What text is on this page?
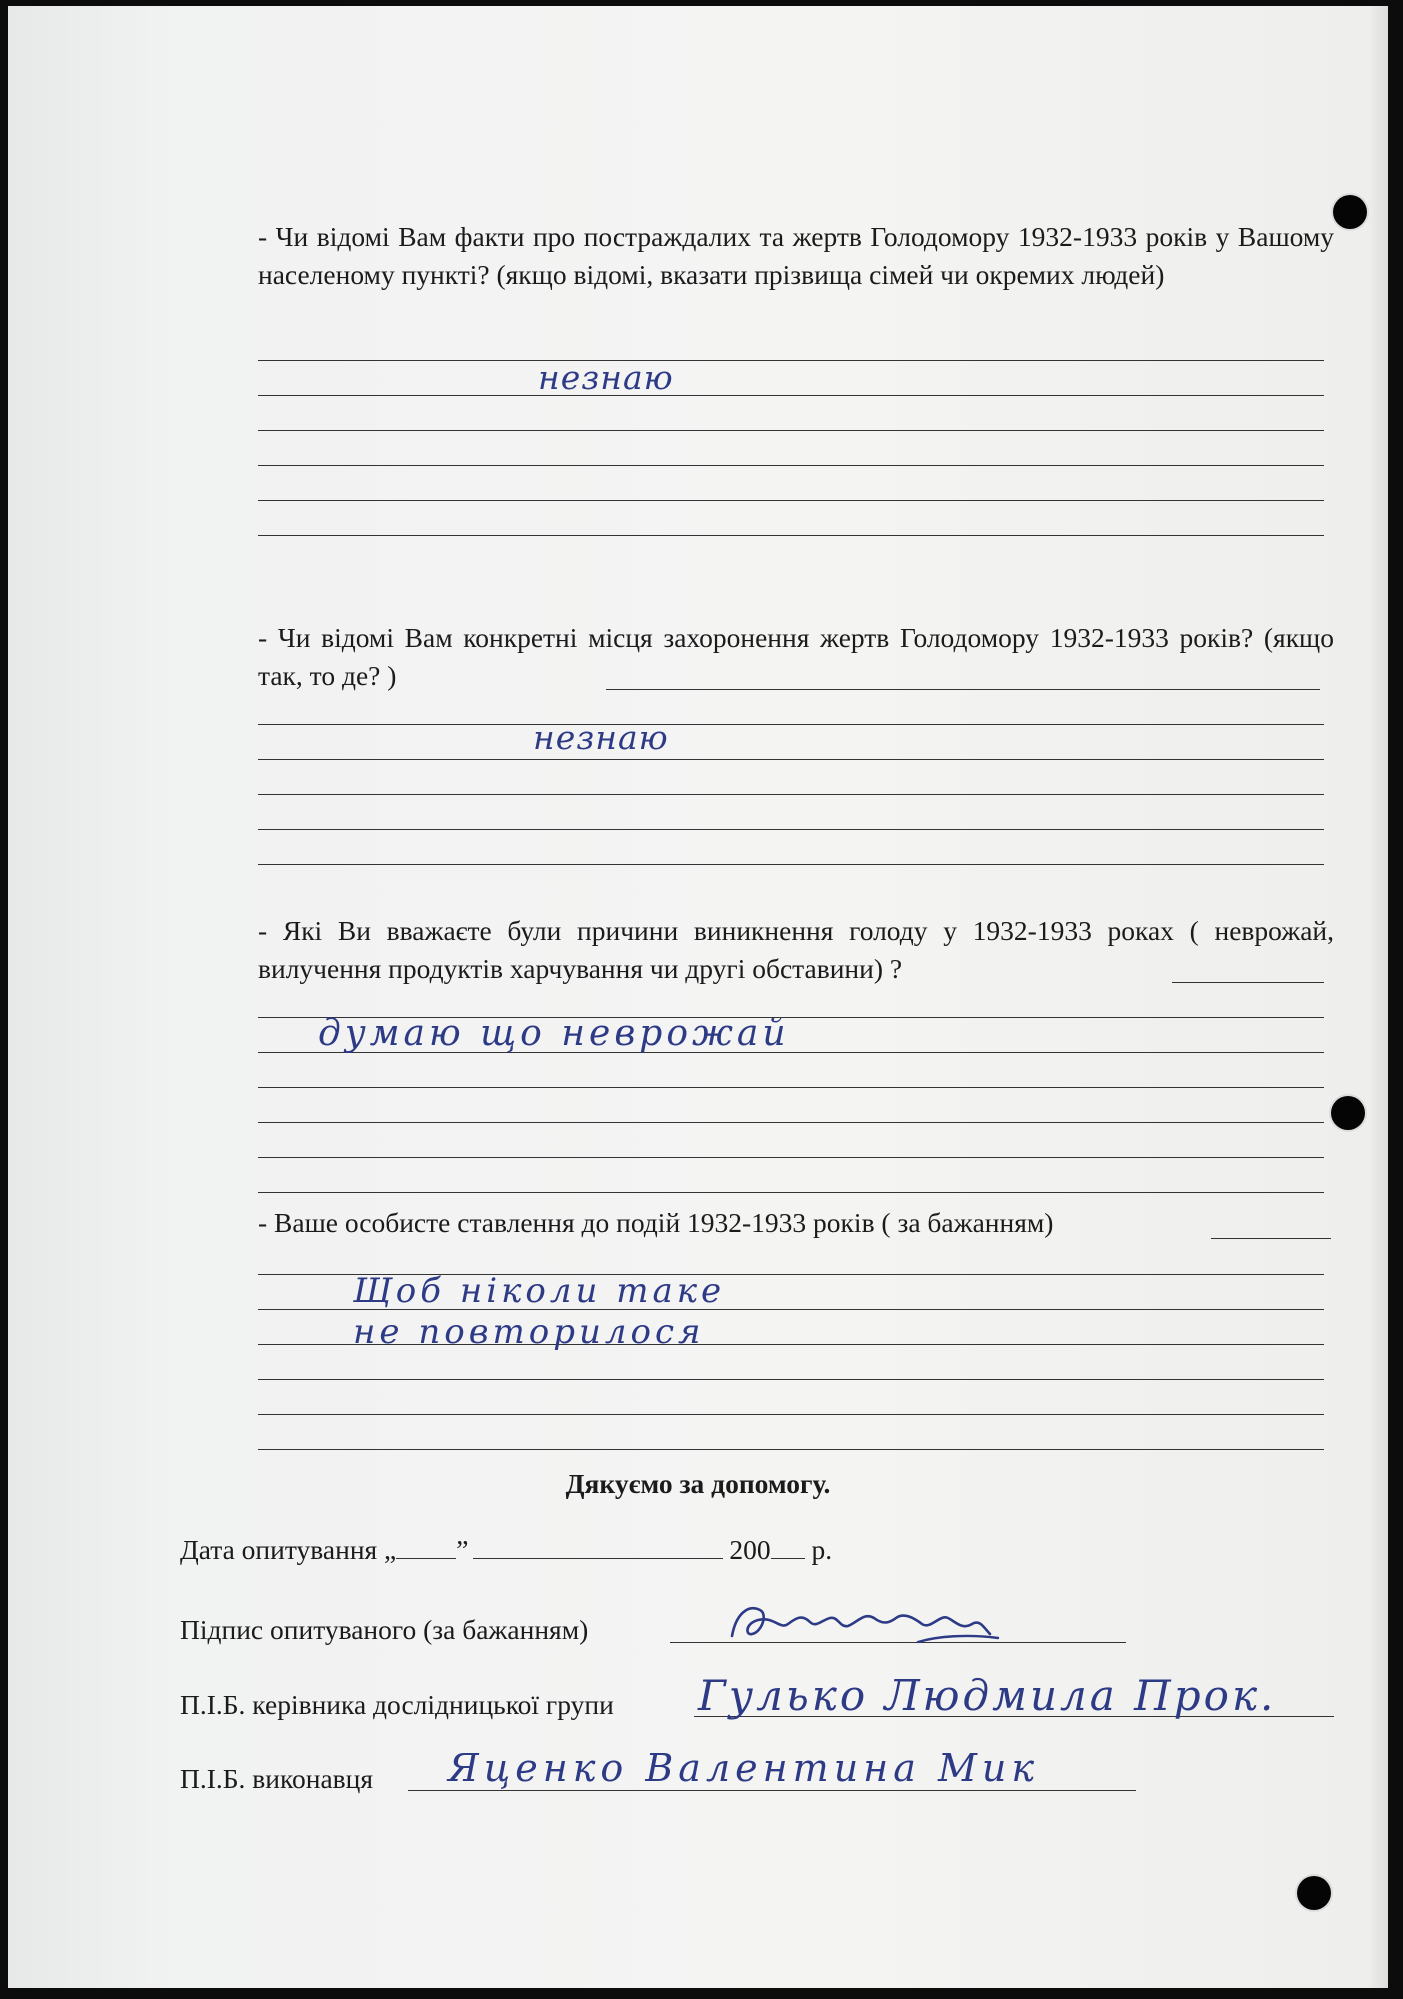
- Чи відомі Вам факти про постраждалих та жертв Голодомору 1932-1933 років у Вашому населеному пункті? (якщо відомі, вказати прізвища сімей чи окремих людей)

незнаю

- Чи відомі Вам конкретні місця захоронення жертв Голодомору 1932-1933 років? (якщо так, то де? )

незнаю

- Які Ви вважаєте були причини виникнення голоду у 1932-1933 роках ( неврожай, вилучення продуктів харчування чи другі обставини) ?

думаю що неврожай

- Ваше особисте ставлення до подій 1932-1933 років ( за бажанням)

Щоб ніколи таке
не повторилося
Дякуємо за допомогу.
Дата опитування „ ”	200 р.
Підпис опитуваного (за бажанням)
П.І.Б. керівника дослідницької групи Гулько Людмила Прок.
П.І.Б. виконавця Яценко Валентина Мик
